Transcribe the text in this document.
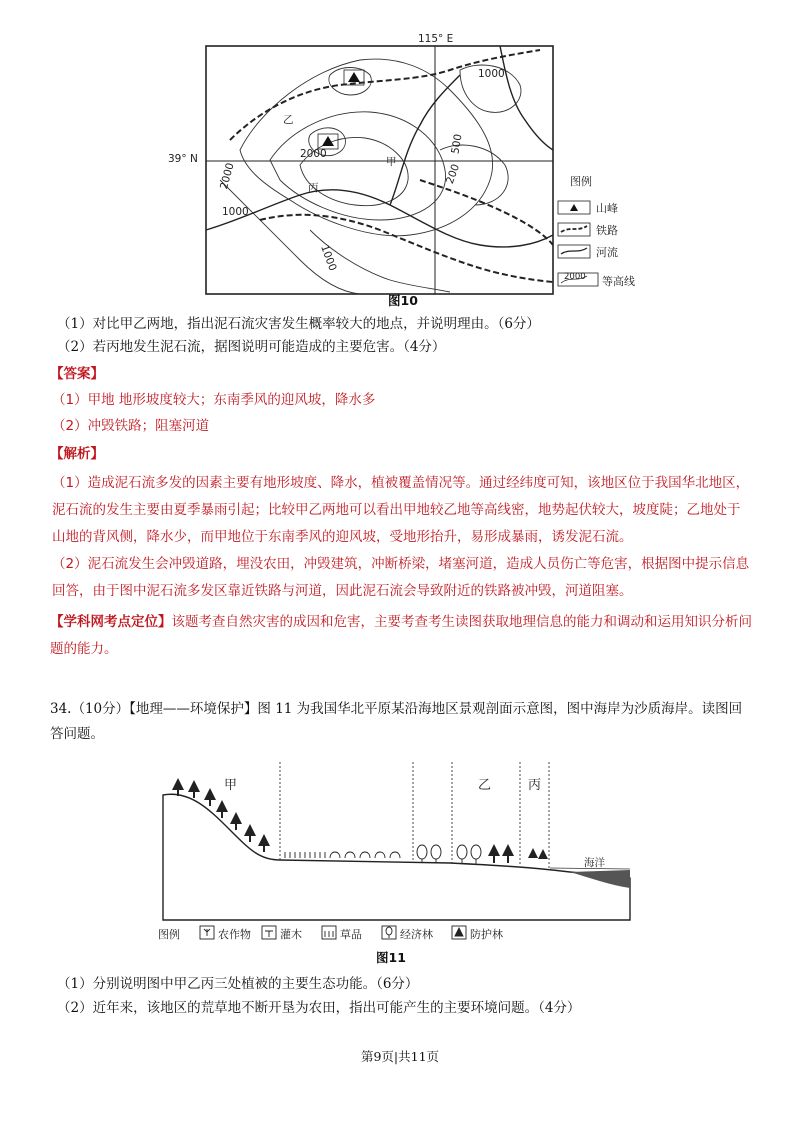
115° E
39° N
1000
2000	500
200
2000
1000
1000
乙
甲
丙	图例
山峰
铁路
河流
2000 等高线
图10
（1）对比甲乙两地，指出泥石流灾害发生概率较大的地点，并说明理由。（6分）
（2）若丙地发生泥石流，据图说明可能造成的主要危害。（4分）
【答案】
（1）甲地 地形坡度较大；东南季风的迎风坡，降水多
（2）冲毁铁路；阻塞河道
【解析】
（1）造成泥石流多发的因素主要有地形坡度、降水，植被覆盖情况等。通过经纬度可知，该地区位于我国华北地区，泥石流的发生主要由夏季暴雨引起；比较甲乙两地可以看出甲地较乙地等高线密，地势起伏较大，坡度陡；乙地处于山地的背风侧，降水少，而甲地位于东南季风的迎风坡，受地形抬升，易形成暴雨，诱发泥石流。
（2）泥石流发生会冲毁道路，埋没农田，冲毁建筑，冲断桥梁，堵塞河道，造成人员伤亡等危害，根据图中提示信息回答，由于图中泥石流多发区靠近铁路与河道，因此泥石流会导致附近的铁路被冲毁，河道阻塞。
【学科网考点定位】该题考查自然灾害的成因和危害，主要考查考生读图获取地理信息的能力和调动和运用知识分析问题的能力。
34.（10分）【地理——环境保护】图 11 为我国华北平原某沿海地区景观剖面示意图，图中海岸为沙质海岸。读图回答问题。
甲	乙	丙
海洋
图例	农作物	灌木	草品	经济林	防护林
图11
（1）分别说明图中甲乙丙三处植被的主要生态功能。（6分）
（2）近年来，该地区的荒草地不断开垦为农田，指出可能产生的主要环境问题。（4分）
第9页|共11页
